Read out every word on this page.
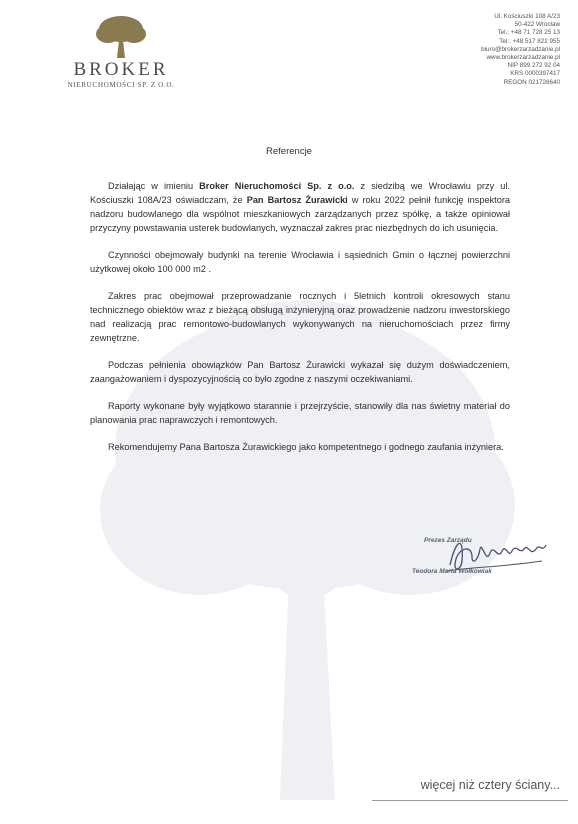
BROKER
NIERUCHOMOŚCI SP. Z O.O.
Ul. Kościuszki 108 A/23
50-422 Wrocław
Tel.: +48 71 728 25 13
Tel.: +48 517 822 955
biuro@brokerzarzadzanie.pl
www.brokerzarzadzanie.pl
NIP 899 272 92 04
KRS 0000397417
REGON 021728640
Referencje

Działając w imieniu Broker Nieruchomości Sp. z o.o. z siedzibą we Wrocławiu przy ul. Kościuszki 108A/23 oświadczam, że Pan Bartosz Żurawicki w roku 2022 pełnił funkcję inspektora nadzoru budowlanego dla wspólnot mieszkaniowych zarządzanych przez spółkę, a także opiniował przyczyny powstawania usterek budowlanych, wyznaczał zakres prac niezbędnych do ich usunięcia.

Czynności obejmowały budynki na terenie Wrocławia i sąsiednich Gmin o łącznej powierzchni użytkowej około 100 000 m2 .

Zakres prac obejmował przeprowadzanie rocznych i 5letnich kontroli okresowych stanu technicznego obiektów wraz z bieżącą obsługą inżynieryjną oraz prowadzenie nadzoru inwestorskiego nad realizacją prac remontowo-budowlanych wykonywanych na nieruchomościach przez firmy zewnętrzne.

Podczas pełnienia obowiązków Pan Bartosz Żurawicki wykazał się dużym doświadczeniem, zaangażowaniem i dyspozycyjnością co było zgodne z naszymi oczekiwaniami.

Raporty wykonane były wyjątkowo starannie i przejrzyście, stanowiły dla nas świetny materiał do planowania prac naprawczych i remontowych.

Rekomendujemy Pana Bartosza Żurawickiego jako kompetentnego i godnego zaufania inżyniera.

Prezes Zarządu
Teodora Marta Wołkowiak
więcej niż cztery ściany...
